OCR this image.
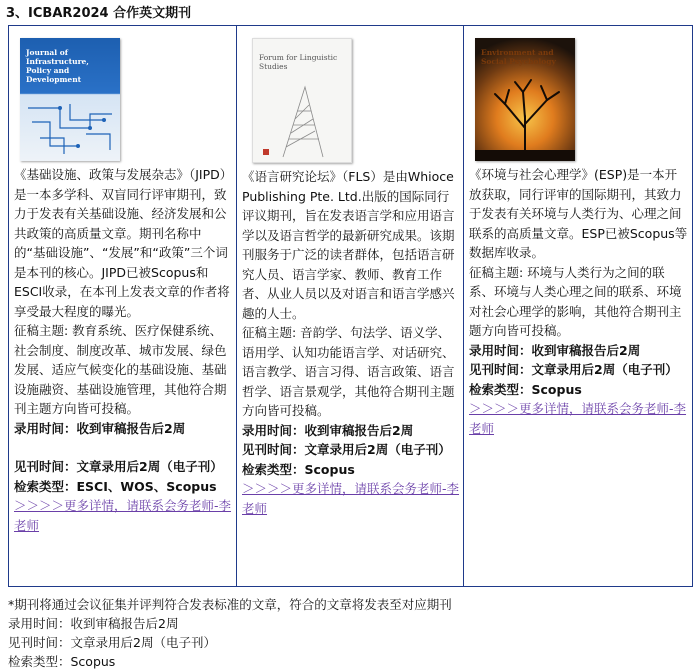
3、ICBAR2024 合作英文期刊
Journal of Infrastructure, Policy and Development
《基础设施、政策与发展杂志》（JIPD）是一本多学科、双盲同行评审期刊，致力于发表有关基础设施、经济发展和公共政策的高质量文章。期刊名称中的“基础设施”、“发展”和“政策”三个词是本刊的核心。JIPD已被Scopus和ESCI收录，在本刊上发表文章的作者将享受最大程度的曝光。
征稿主题: 教育系统、医疗保健系统、社会制度、制度改革、城市发展、绿色发展、适应气候变化的基础设施、基础设施融资、基础设施管理，其他符合期刊主题方向皆可投稿。
录用时间：收到审稿报告后2周
见刊时间：文章录用后2周（电子刊）
检索类型：ESCI、WOS、Scopus
＞＞＞＞更多详情，请联系会务老师-李老师

Forum for Linguistic Studies
《语言研究论坛》（FLS）是由Whioce Publishing Pte. Ltd.出版的国际同行评议期刊，旨在发表语言学和应用语言学以及语言哲学的最新研究成果。该期刊服务于广泛的读者群体，包括语言研究人员、语言学家、教师、教育工作者、从业人员以及对语言和语言学感兴趣的人士。
征稿主题: 音韵学、句法学、语义学、语用学、认知功能语言学、对话研究、语言教学、语言习得、语言政策、语言哲学、语言景观学，其他符合期刊主题方向皆可投稿。
录用时间：收到审稿报告后2周
见刊时间：文章录用后2周（电子刊）
检索类型：Scopus
＞＞＞＞更多详情，请联系会务老师-李老师

Environment and Social Psychology
《环境与社会心理学》(ESP)是一本开放获取，同行评审的国际期刊，其致力于发表有关环境与人类行为、心理之间联系的高质量文章。ESP已被Scopus等数据库收录。
征稿主题: 环境与人类行为之间的联系、环境与人类心理之间的联系、环境对社会心理学的影响，其他符合期刊主题方向皆可投稿。
录用时间：收到审稿报告后2周
见刊时间：文章录用后2周（电子刊）
检索类型：Scopus
＞＞＞＞更多详情，请联系会务老师-李老师
*期刊将通过会议征集并评判符合发表标准的文章，符合的文章将发表至对应期刊
录用时间：收到审稿报告后2周
见刊时间：文章录用后2周（电子刊）
检索类型：Scopus
